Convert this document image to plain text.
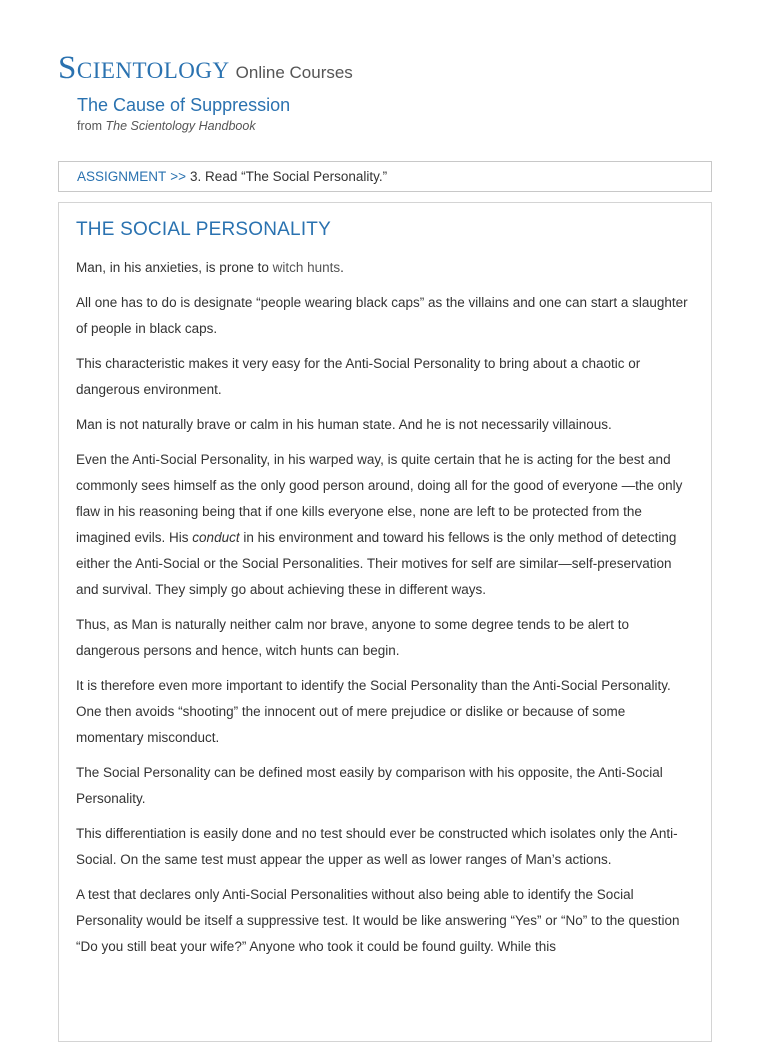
Scientology Online Courses
The Cause of Suppression
from The Scientology Handbook
ASSIGNMENT >> 3. Read “The Social Personality.”
THE SOCIAL PERSONALITY

Man, in his anxieties, is prone to witch hunts.

All one has to do is designate “people wearing black caps” as the villains and one can start a slaughter of people in black caps.

This characteristic makes it very easy for the Anti-Social Personality to bring about a chaotic or dangerous environment.

Man is not naturally brave or calm in his human state. And he is not necessarily villainous.

Even the Anti-Social Personality, in his warped way, is quite certain that he is acting for the best and commonly sees himself as the only good person around, doing all for the good of everyone —the only flaw in his reasoning being that if one kills everyone else, none are left to be protected from the imagined evils. His conduct in his environment and toward his fellows is the only method of detecting either the Anti-Social or the Social Personalities. Their motives for self are similar—self-preservation and survival. They simply go about achieving these in different ways.

Thus, as Man is naturally neither calm nor brave, anyone to some degree tends to be alert to dangerous persons and hence, witch hunts can begin.

It is therefore even more important to identify the Social Personality than the Anti-Social Personality. One then avoids “shooting” the innocent out of mere prejudice or dislike or because of some momentary misconduct.

The Social Personality can be defined most easily by comparison with his opposite, the Anti-Social Personality.

This differentiation is easily done and no test should ever be constructed which isolates only the Anti-Social. On the same test must appear the upper as well as lower ranges of Man’s actions.

A test that declares only Anti-Social Personalities without also being able to identify the Social Personality would be itself a suppressive test. It would be like answering “Yes” or “No” to the question “Do you still beat your wife?” Anyone who took it could be found guilty. While this
